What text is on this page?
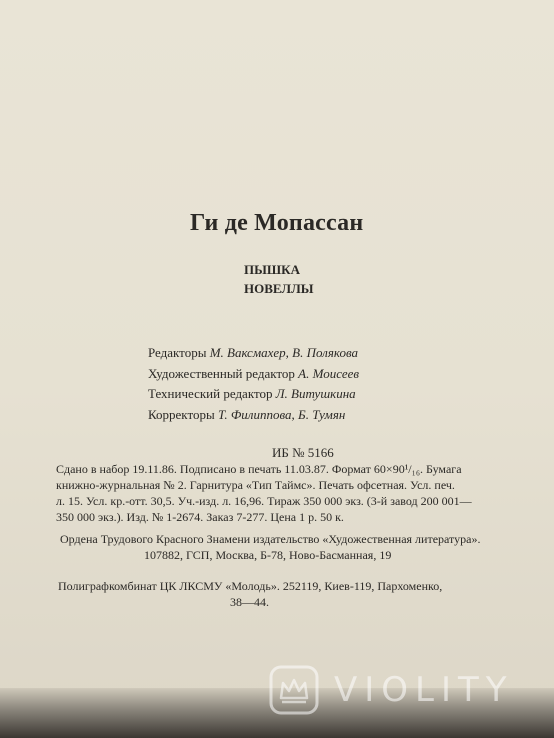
Ги де Мопассан
ПЫШКА
НОВЕЛЛЫ
Редакторы М. Ваксмахер, В. Полякова
Художественный редактор А. Моисеев
Технический редактор Л. Витушкина
Корректоры Т. Филиппова, Б. Тумян
ИБ № 5166
Сдано в набор 19.11.86. Подписано в печать 11.03.87. Формат 60×90¹/₁₆. Бумага
книжно-журнальная № 2. Гарнитура «Тип Таймс». Печать офсетная. Усл. печ.
л. 15. Усл. кр.-отт. 30,5. Уч.-изд. л. 16,96. Тираж 350 000 экз. (3-й завод 200 001—
350 000 экз.). Изд. № 1-2674. Заказ 7-277. Цена 1 р. 50 к.
Ордена Трудового Красного Знамени издательство «Художественная литература».
107882, ГСП, Москва, Б-78, Ново-Басманная, 19
Полиграфкомбинат ЦК ЛКСМУ «Молодь». 252119, Киев-119, Пархоменко,
38—44.
VIOLITY
